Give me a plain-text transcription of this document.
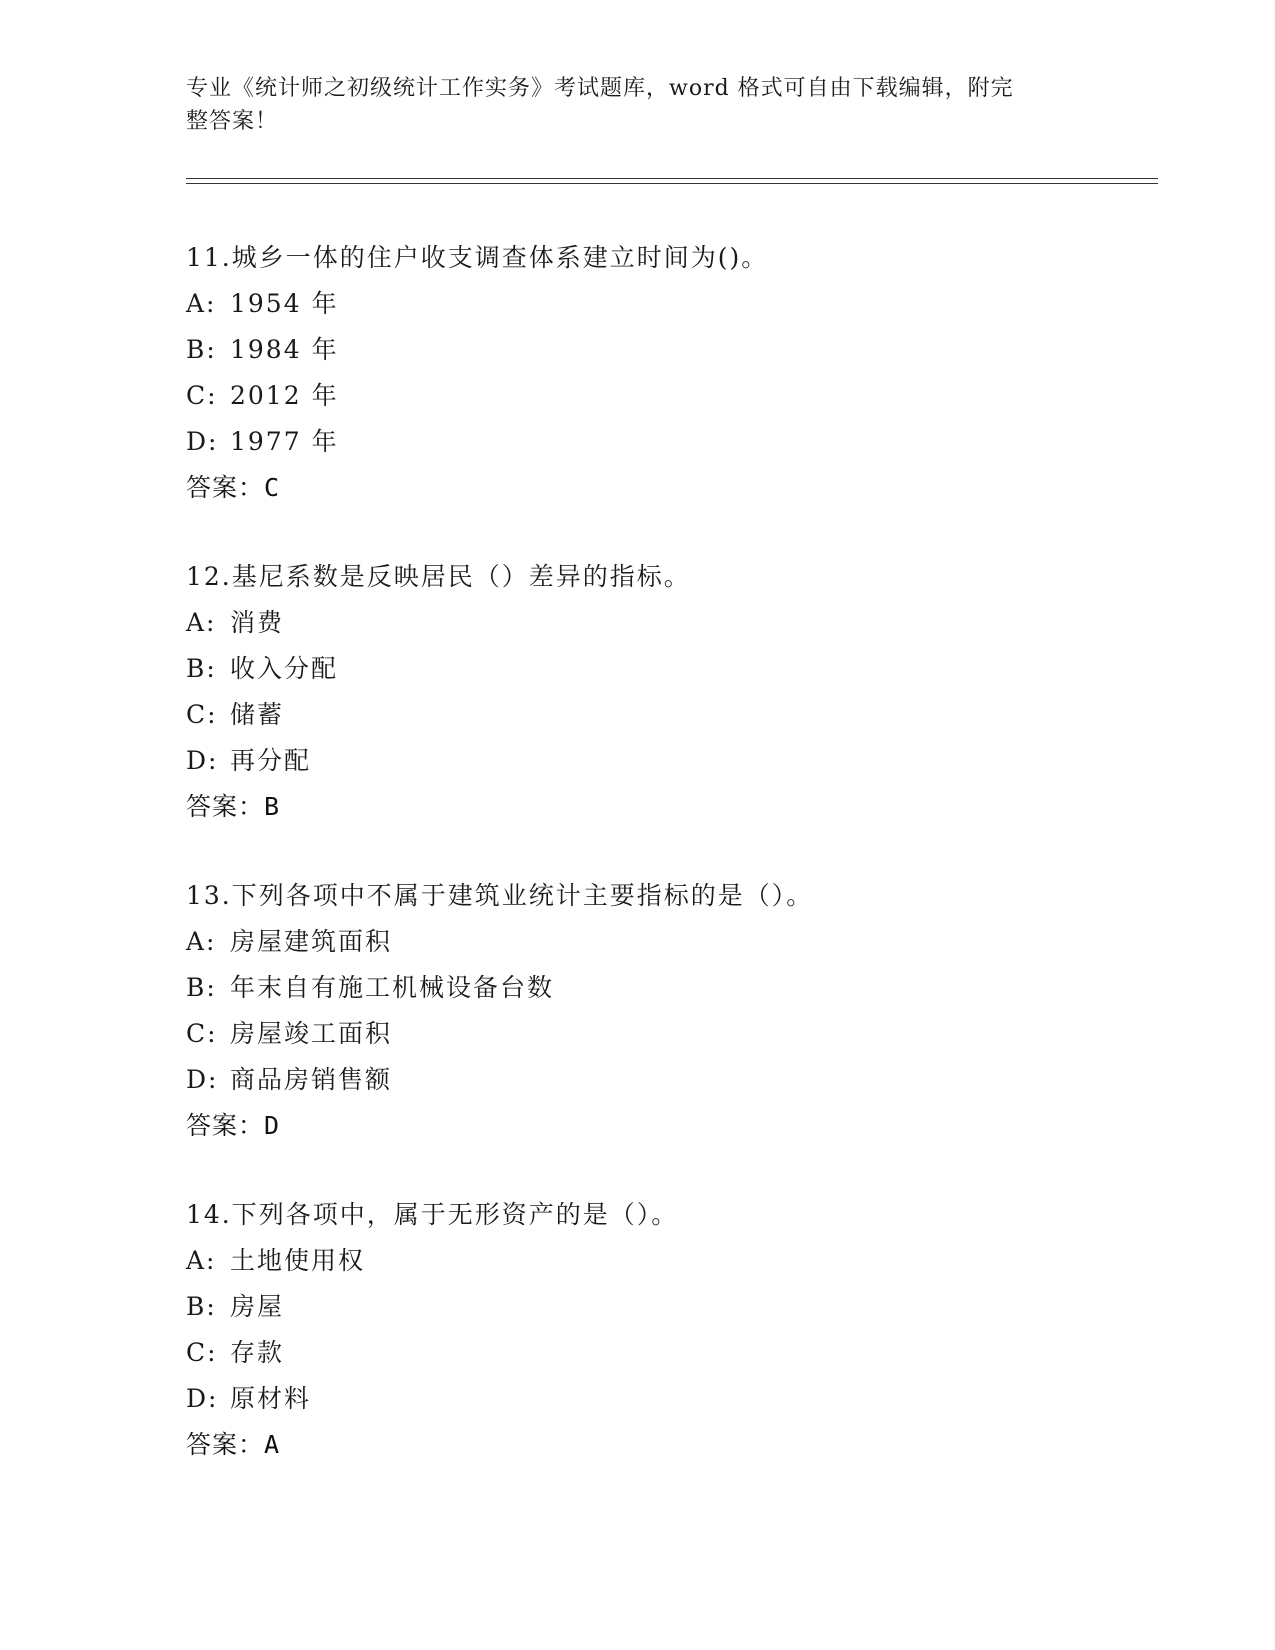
专业《统计师之初级统计工作实务》考试题库，word 格式可自由下载编辑，附完
整答案！
11.城乡一体的住户收支调查体系建立时间为()。
A: 1954 年
B: 1984 年
C: 2012 年
D: 1977 年
答案：C
12.基尼系数是反映居民（）差异的指标。
A: 消费
B: 收入分配
C: 储蓄
D: 再分配
答案：B
13.下列各项中不属于建筑业统计主要指标的是（）。
A: 房屋建筑面积
B: 年末自有施工机械设备台数
C: 房屋竣工面积
D: 商品房销售额
答案：D
14.下列各项中，属于无形资产的是（）。
A: 土地使用权
B: 房屋
C: 存款
D: 原材料
答案：A
